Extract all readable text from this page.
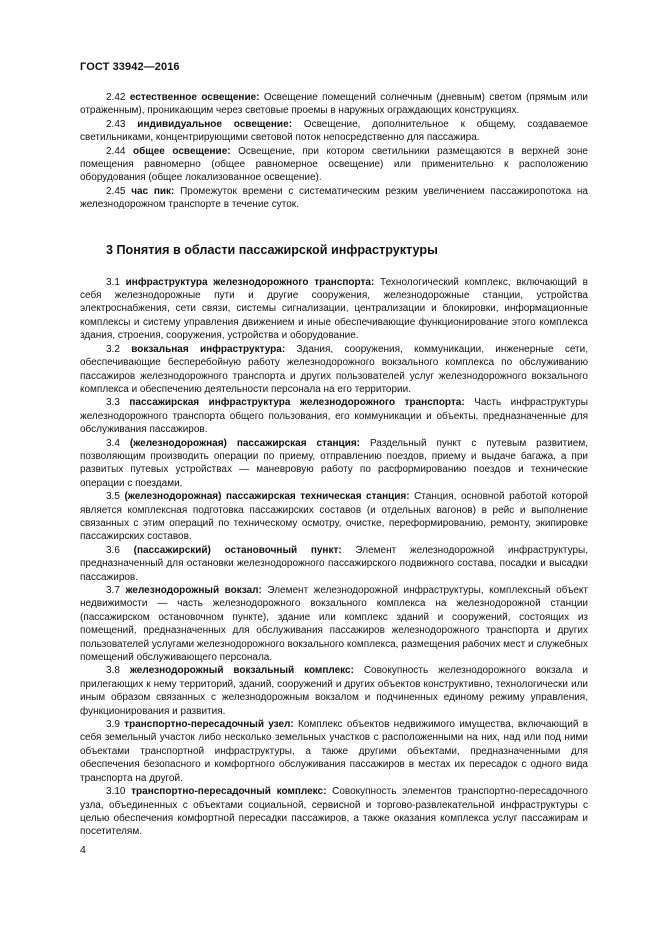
ГОСТ 33942—2016

2.42 естественное освещение: Освещение помещений солнечным (дневным) светом (прямым или отраженным), проникающим через световые проемы в наружных ограждающих конструкциях.

2.43 индивидуальное освещение: Освещение, дополнительное к общему, создаваемое светильниками, концентрирующими световой поток непосредственно для пассажира.

2.44 общее освещение: Освещение, при котором светильники размещаются в верхней зоне помещения равномерно (общее равномерное освещение) или применительно к расположению оборудования (общее локализованное освещение).

2.45 час пик: Промежуток времени с систематическим резким увеличением пассажиропотока на железнодорожном транспорте в течение суток.

3 Понятия в области пассажирской инфраструктуры

3.1 инфраструктура железнодорожного транспорта: Технологический комплекс, включающий в себя железнодорожные пути и другие сооружения, железнодорожные станции, устройства электроснабжения, сети связи, системы сигнализации, централизации и блокировки, информационные комплексы и систему управления движением и иные обеспечивающие функционирование этого комплекса здания, строения, сооружения, устройства и оборудование.

3.2 вокзальная инфраструктура: Здания, сооружения, коммуникации, инженерные сети, обеспечивающие бесперебойную работу железнодорожного вокзального комплекса по обслуживанию пассажиров железнодорожного транспорта и других пользователей услуг железнодорожного вокзального комплекса и обеспечению деятельности персонала на его территории.

3.3 пассажирская инфраструктура железнодорожного транспорта: Часть инфраструктуры железнодорожного транспорта общего пользования, его коммуникации и объекты, предназначенные для обслуживания пассажиров.

3.4 (железнодорожная) пассажирская станция: Раздельный пункт с путевым развитием, позволяющим производить операции по приему, отправлению поездов, приему и выдаче багажа, а при развитых путевых устройствах — маневровую работу по расформированию поездов и технические операции с поездами.

3.5 (железнодорожная) пассажирская техническая станция: Станция, основной работой которой является комплексная подготовка пассажирских составов (и отдельных вагонов) в рейс и выполнение связанных с этим операций по техническому осмотру, очистке, переформированию, ремонту, экипировке пассажирских составов.

3.6 (пассажирский) остановочный пункт: Элемент железнодорожной инфраструктуры, предназначенный для остановки железнодорожного пассажирского подвижного состава, посадки и высадки пассажиров.

3.7 железнодорожный вокзал: Элемент железнодорожной инфраструктуры, комплексный объект недвижимости — часть железнодорожного вокзального комплекса на железнодорожной станции (пассажирском остановочном пункте), здание или комплекс зданий и сооружений, состоящих из помещений, предназначенных для обслуживания пассажиров железнодорожного транспорта и других пользователей услугами железнодорожного вокзального комплекса, размещения рабочих мест и служебных помещений обслуживающего персонала.

3.8 железнодорожный вокзальный комплекс: Совокупность железнодорожного вокзала и прилегающих к нему территорий, зданий, сооружений и других объектов конструктивно, технологически или иным образом связанных с железнодорожным вокзалом и подчиненных единому режиму управления, функционирования и развития.

3.9 транспортно-пересадочный узел: Комплекс объектов недвижимого имущества, включающий в себя земельный участок либо несколько земельных участков с расположенными на них, над или под ними объектами транспортной инфраструктуры, а также другими объектами, предназначенными для обеспечения безопасного и комфортного обслуживания пассажиров в местах их пересадок с одного вида транспорта на другой.

3.10 транспортно-пересадочный комплекс: Совокупность элементов транспортно-пересадочного узла, объединенных с объектами социальной, сервисной и торгово-развлекательной инфраструктуры с целью обеспечения комфортной пересадки пассажиров, а также оказания комплекса услуг пассажирам и посетителям.

4
